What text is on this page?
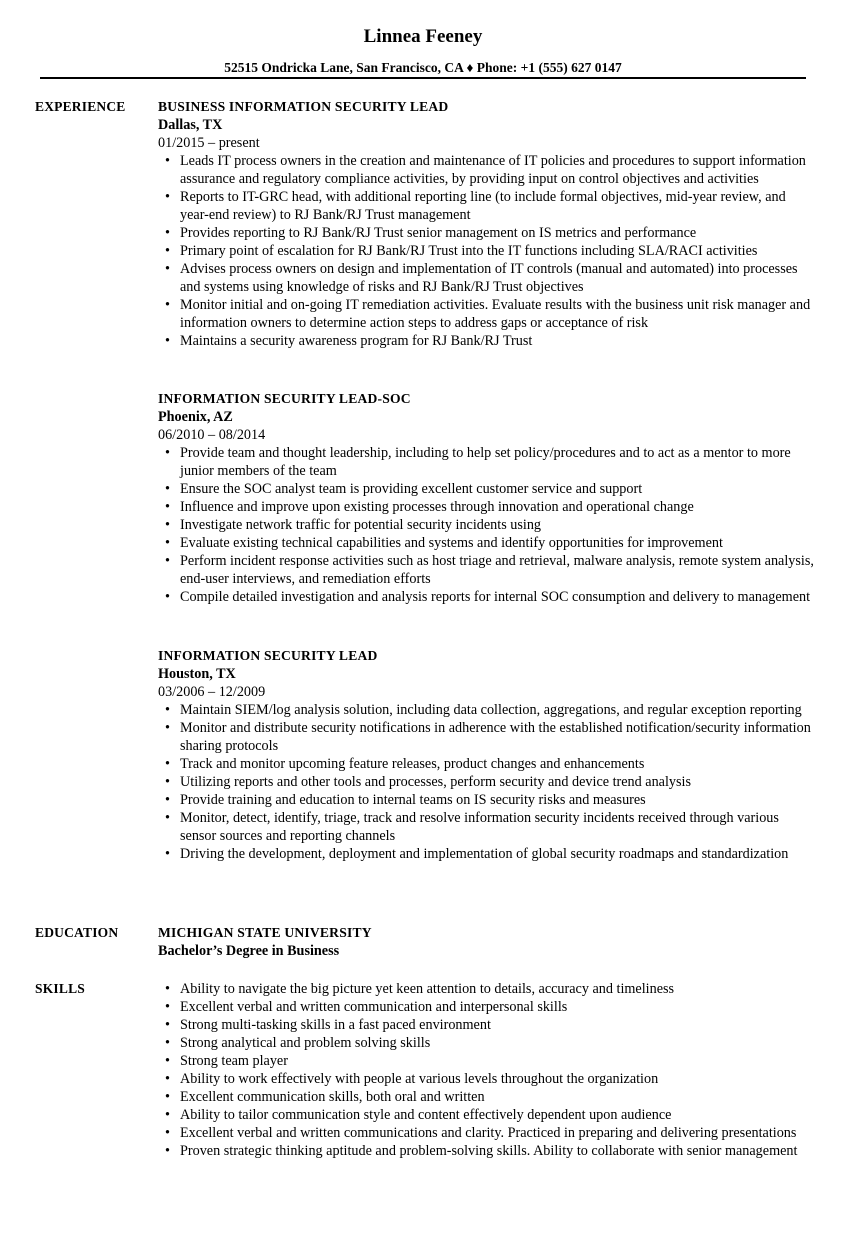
Linnea Feeney
52515 Ondricka Lane, San Francisco, CA ♦ Phone: +1 (555) 627 0147
EXPERIENCE BUSINESS INFORMATION SECURITY LEAD
Dallas, TX
01/2015 – present
• Leads IT process owners in the creation and maintenance of IT policies and procedures to support information assurance and regulatory compliance activities, by providing input on control objectives and activities
• Reports to IT-GRC head, with additional reporting line (to include formal objectives, mid-year review, and year-end review) to RJ Bank/RJ Trust management
• Provides reporting to RJ Bank/RJ Trust senior management on IS metrics and performance
• Primary point of escalation for RJ Bank/RJ Trust into the IT functions including SLA/RACI activities
• Advises process owners on design and implementation of IT controls (manual and automated) into processes and systems using knowledge of risks and RJ Bank/RJ Trust objectives
• Monitor initial and on-going IT remediation activities. Evaluate results with the business unit risk manager and information owners to determine action steps to address gaps or acceptance of risk
• Maintains a security awareness program for RJ Bank/RJ Trust
INFORMATION SECURITY LEAD-SOC
Phoenix, AZ
06/2010 – 08/2014
• Provide team and thought leadership, including to help set policy/procedures and to act as a mentor to more junior members of the team
• Ensure the SOC analyst team is providing excellent customer service and support
• Influence and improve upon existing processes through innovation and operational change
• Investigate network traffic for potential security incidents using
• Evaluate existing technical capabilities and systems and identify opportunities for improvement
• Perform incident response activities such as host triage and retrieval, malware analysis, remote system analysis, end-user interviews, and remediation efforts
• Compile detailed investigation and analysis reports for internal SOC consumption and delivery to management
INFORMATION SECURITY LEAD
Houston, TX
03/2006 – 12/2009
• Maintain SIEM/log analysis solution, including data collection, aggregations, and regular exception reporting
• Monitor and distribute security notifications in adherence with the established notification/security information sharing protocols
• Track and monitor upcoming feature releases, product changes and enhancements
• Utilizing reports and other tools and processes, perform security and device trend analysis
• Provide training and education to internal teams on IS security risks and measures
• Monitor, detect, identify, triage, track and resolve information security incidents received through various sensor sources and reporting channels
• Driving the development, deployment and implementation of global security roadmaps and standardization
EDUCATION	MICHIGAN STATE UNIVERSITY
Bachelor’s Degree in Business
SKILLS
•	Ability to navigate the big picture yet keen attention to details, accuracy and timeliness
• Excellent verbal and written communication and interpersonal skills
• Strong multi-tasking skills in a fast paced environment
• Strong analytical and problem solving skills
• Strong team player
• Ability to work effectively with people at various levels throughout the organization
• Excellent communication skills, both oral and written
• Ability to tailor communication style and content effectively dependent upon audience
• Excellent verbal and written communications and clarity. Practiced in preparing and delivering presentations
• Proven strategic thinking aptitude and problem-solving skills. Ability to collaborate with senior management
